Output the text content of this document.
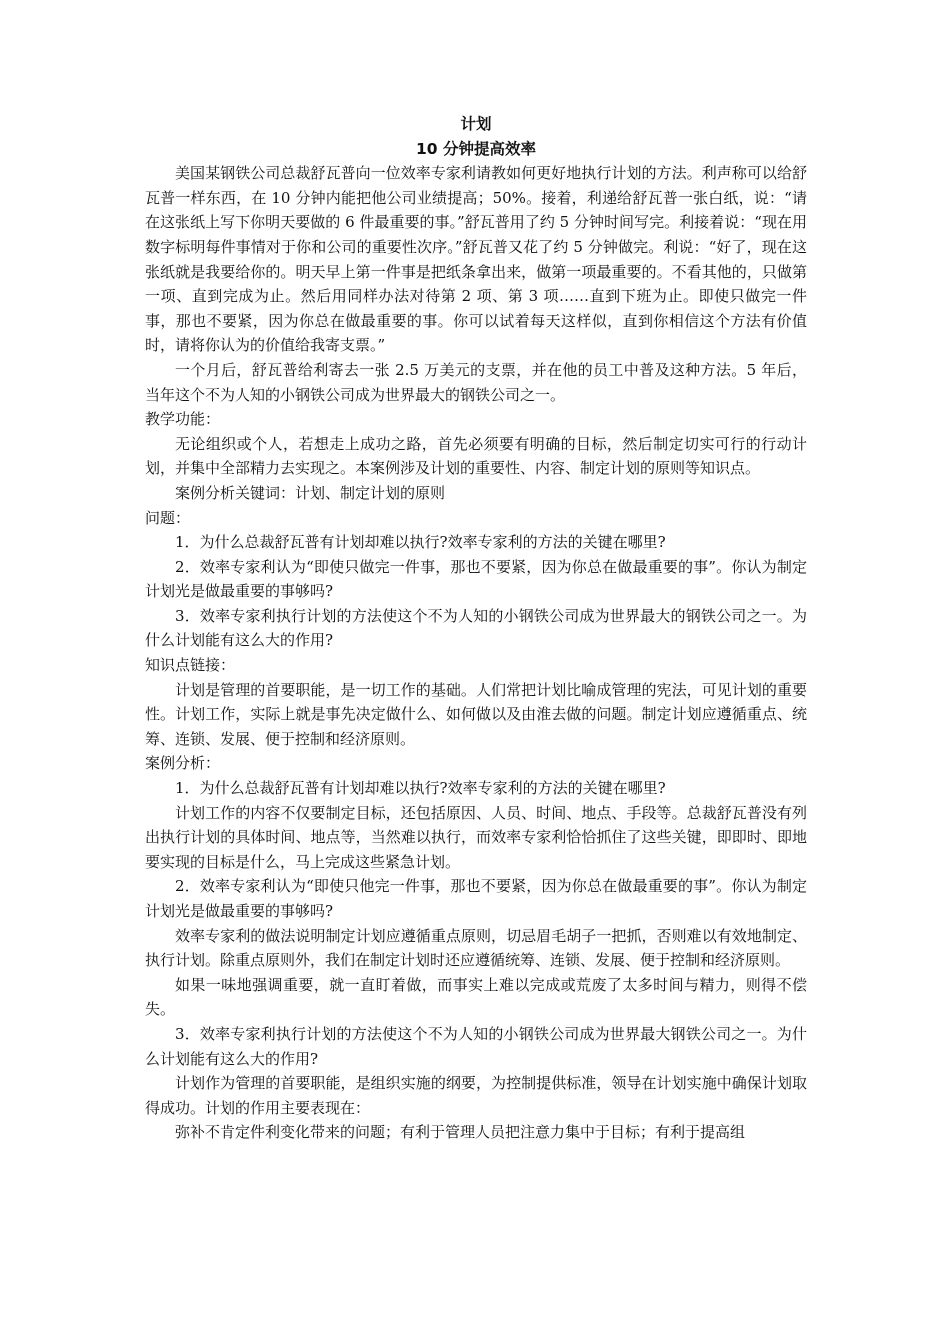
计划
10 分钟提高效率

美国某钢铁公司总裁舒瓦普向一位效率专家利请教如何更好地执行计划的方法。利声称可以给舒瓦普一样东西，在 10 分钟内能把他公司业绩提高；50%。接着，利递给舒瓦普一张白纸，说：“请在这张纸上写下你明天要做的 6 件最重要的事。”舒瓦普用了约 5 分钟时间写完。利接着说：“现在用数字标明每件事情对于你和公司的重要性次序。”舒瓦普又花了约 5 分钟做完。利说：“好了，现在这张纸就是我要给你的。明天早上第一件事是把纸条拿出来，做第一项最重要的。不看其他的，只做第一项、直到完成为止。然后用同样办法对待第 2 项、第 3 项……直到下班为止。即使只做完一件事，那也不要紧，因为你总在做最重要的事。你可以试着每天这样似，直到你相信这个方法有价值时，请将你认为的价值给我寄支票。”

一个月后，舒瓦普给利寄去一张 2.5 万美元的支票，并在他的员工中普及这种方法。5 年后，当年这个不为人知的小钢铁公司成为世界最大的钢铁公司之一。

教学功能：

无论组织或个人，若想走上成功之路，首先必须要有明确的目标，然后制定切实可行的行动计划，并集中全部精力去实现之。本案例涉及计划的重要性、内容、制定计划的原则等知识点。

案例分析关键词：计划、制定计划的原则

问题：

1．为什么总裁舒瓦普有计划却难以执行?效率专家利的方法的关键在哪里?

2．效率专家利认为“即使只做完一件事，那也不要紧，因为你总在做最重要的事”。你认为制定计划光是做最重要的事够吗?

3．效率专家利执行计划的方法使这个不为人知的小钢铁公司成为世界最大的钢铁公司之一。为什么计划能有这么大的作用?

知识点链接：

计划是管理的首要职能，是一切工作的基础。人们常把计划比喻成管理的宪法，可见计划的重要性。计划工作，实际上就是事先决定做什么、如何做以及由淮去做的问题。制定计划应遵循重点、统筹、连锁、发展、便于控制和经济原则。

案例分析：

1．为什么总裁舒瓦普有计划却难以执行?效率专家利的方法的关键在哪里?

计划工作的内容不仅要制定目标，还包括原因、人员、时间、地点、手段等。总裁舒瓦普没有列出执行计划的具体时间、地点等，当然难以执行，而效率专家利恰恰抓住了这些关键，即即时、即地要实现的目标是什么，马上完成这些紧急计划。

2．效率专家利认为“即使只他完一件事，那也不要紧，因为你总在做最重要的事”。你认为制定计划光是做最重要的事够吗?

效率专家利的做法说明制定计划应遵循重点原则，切忌眉毛胡子一把抓，否则难以有效地制定、执行计划。除重点原则外，我们在制定计划时还应遵循统筹、连锁、发展、便于控制和经济原则。

如果一味地强调重要，就一直盯着做，而事实上难以完成或荒废了太多时间与精力，则得不偿失。

3．效率专家利执行计划的方法使这个不为人知的小钢铁公司成为世界最大钢铁公司之一。为什么计划能有这么大的作用?

计划作为管理的首要职能，是组织实施的纲要，为控制提供标准，领导在计划实施中确保计划取得成功。计划的作用主要表现在：

弥补不肯定件利变化带来的问题；有利于管理人员把注意力集中于目标；有利于提高组
